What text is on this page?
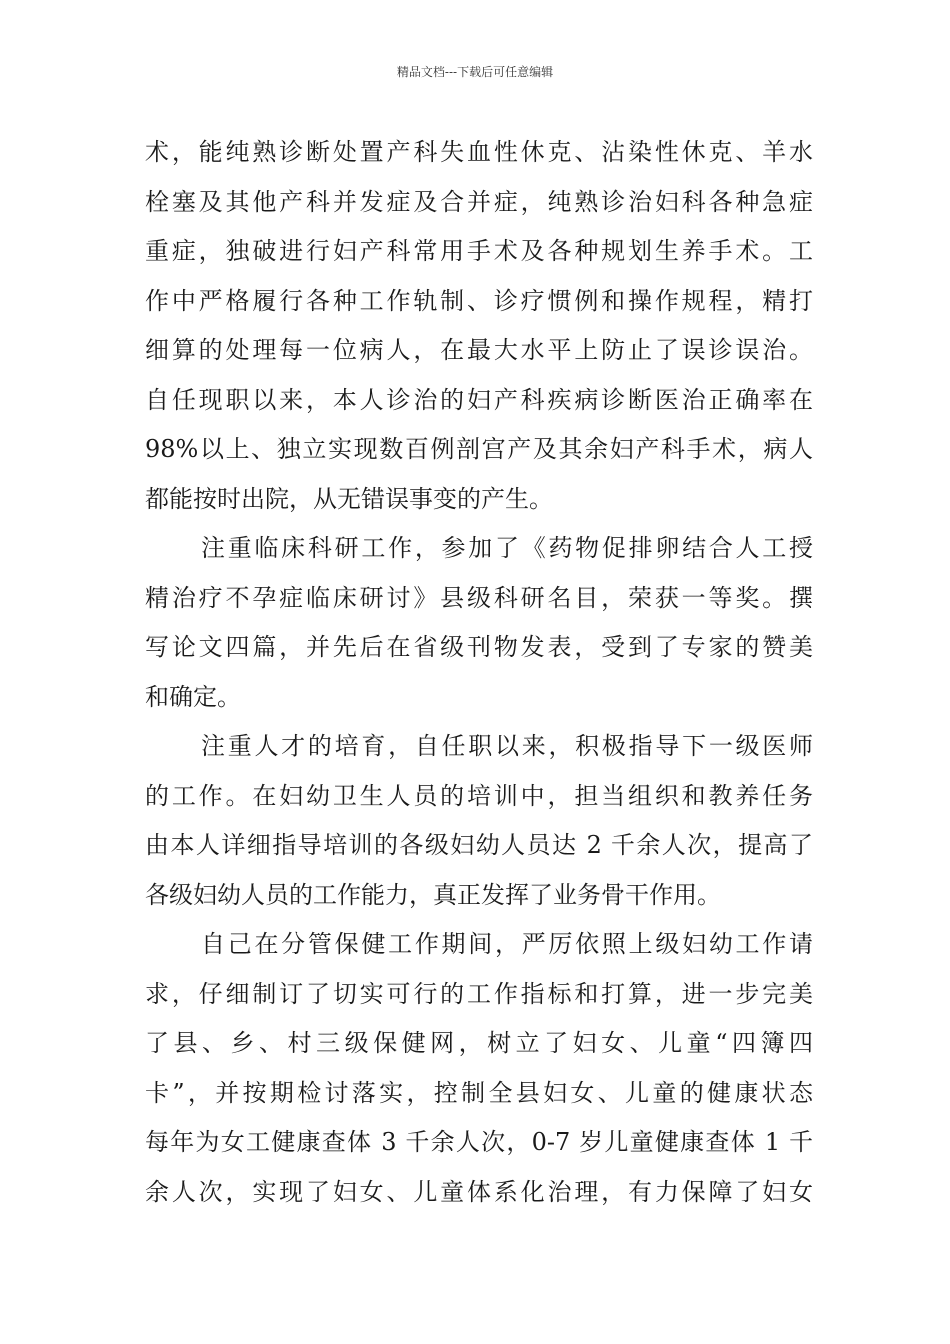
精品文档---下载后可任意编辑
术，能纯熟诊断处置产科失血性休克、沾染性休克、羊水
栓塞及其他产科并发症及合并症，纯熟诊治妇科各种急症
重症，独破进行妇产科常用手术及各种规划生养手术。工
作中严格履行各种工作轨制、诊疗惯例和操作规程，精打
细算的处理每一位病人，在最大水平上防止了误诊误治。
自任现职以来，本人诊治的妇产科疾病诊断医治正确率在
98%以上、独立实现数百例剖宫产及其余妇产科手术，病人
都能按时出院，从无错误事变的产生。
注重临床科研工作，参加了《药物促排卵结合人工授
精治疗不孕症临床研讨》县级科研名目，荣获一等奖。撰
写论文四篇，并先后在省级刊物发表，受到了专家的赞美
和确定。
注重人才的培育，自任职以来，积极指导下一级医师
的工作。在妇幼卫生人员的培训中，担当组织和教养任务
由本人详细指导培训的各级妇幼人员达 2 千余人次，提高了
各级妇幼人员的工作能力，真正发挥了业务骨干作用。
自己在分管保健工作期间，严厉依照上级妇幼工作请
求，仔细制订了切实可行的工作指标和打算，进一步完美
了县、乡、村三级保健网，树立了妇女、儿童“四簿四
卡”，并按期检讨落实，控制全县妇女、儿童的健康状态
每年为女工健康查体 3 千余人次，0-7 岁儿童健康查体 1 千
余人次，实现了妇女、儿童体系化治理，有力保障了妇女
